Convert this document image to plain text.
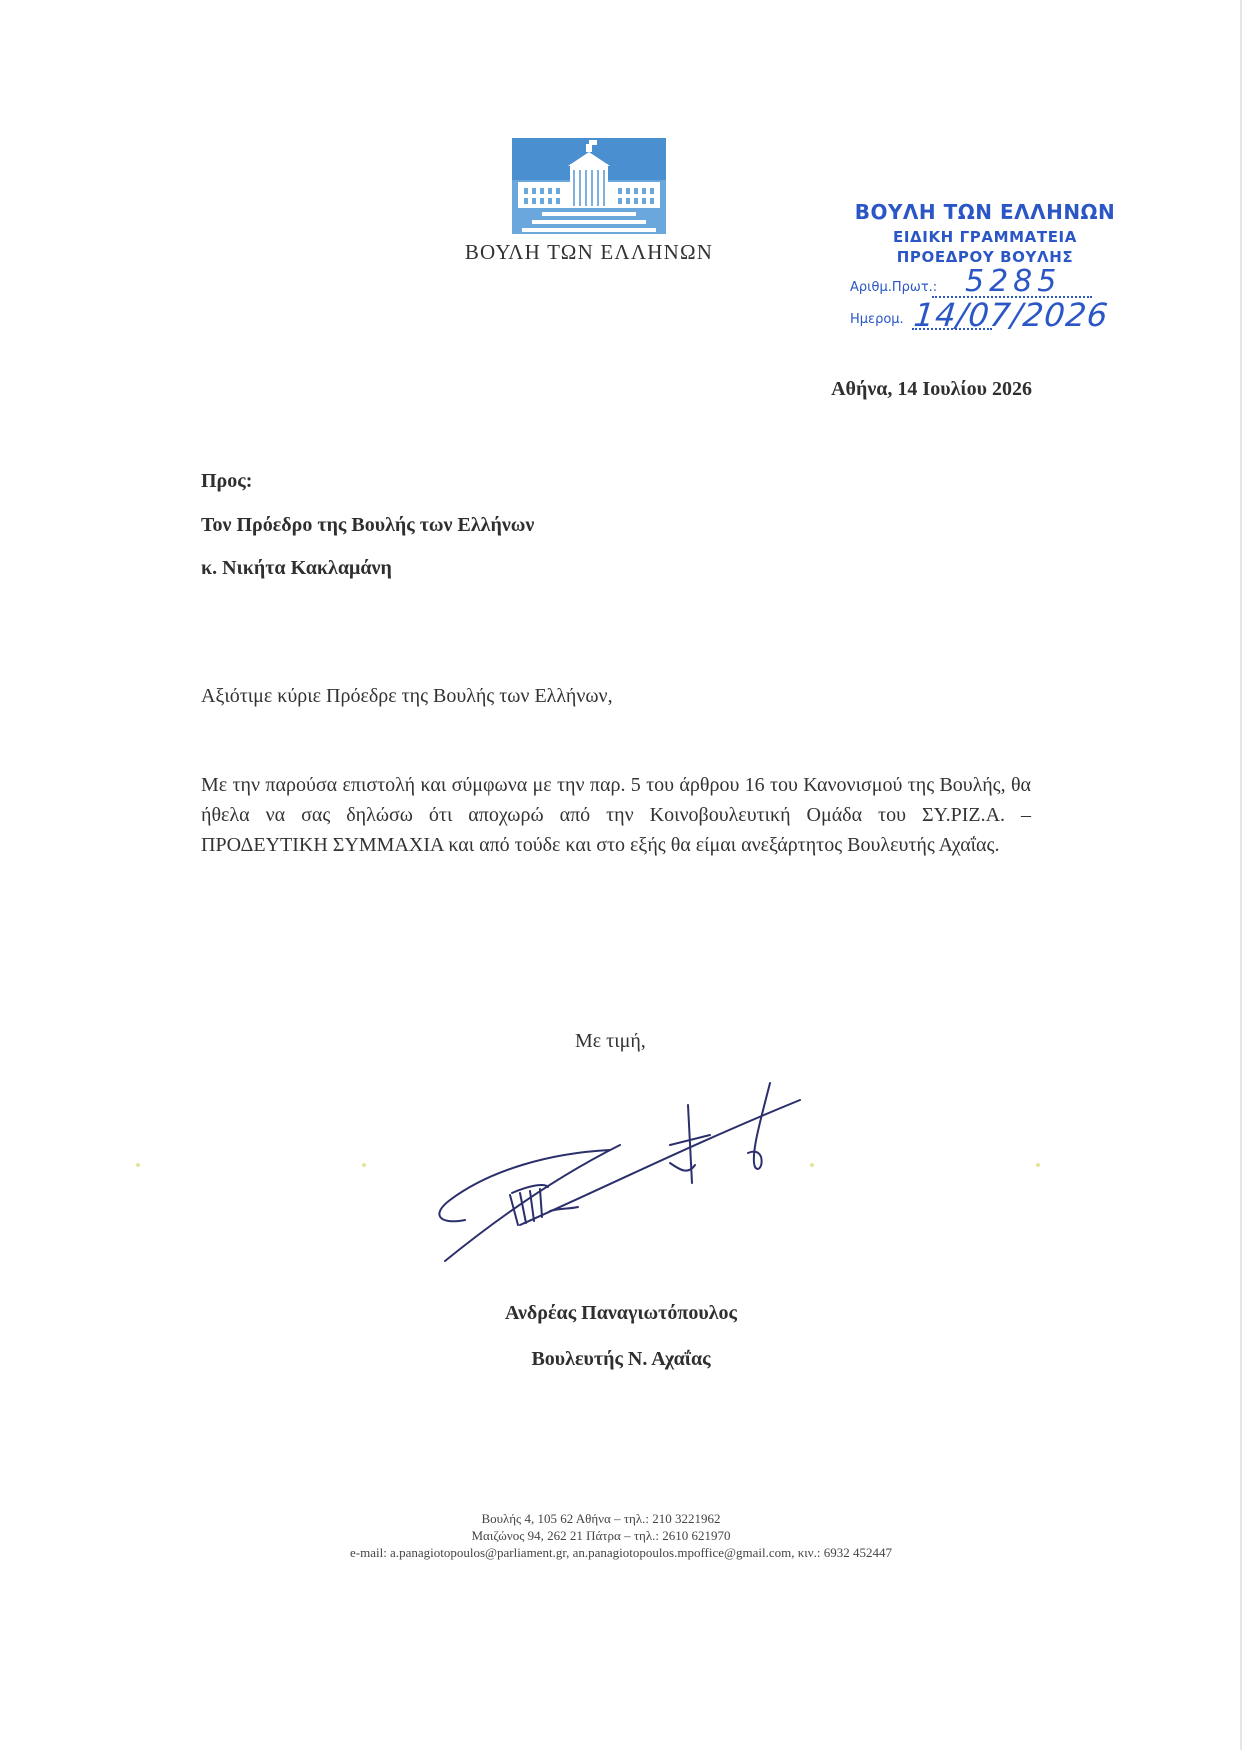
ΒΟΥΛΗ ΤΩΝ ΕΛΛΗΝΩΝ
ΒΟΥΛΗ ΤΩΝ ΕΛΛΗΝΩΝ
ΕΙΔΙΚΗ ΓΡΑΜΜΑΤΕΙΑ
ΠΡΟΕΔΡΟΥ ΒΟΥΛΗΣ
Αριθμ.Πρωτ.: 5285
Ημερομ. 14/07/2026
Αθήνα, 14 Ιουλίου 2026
Προς:
Τον Πρόεδρο της Βουλής των Ελλήνων
κ. Νικήτα Κακλαμάνη
Αξιότιμε κύριε Πρόεδρε της Βουλής των Ελλήνων,
Με την παρούσα επιστολή και σύμφωνα με την παρ. 5 του άρθρου 16 του Κανονισμού της Βουλής, θα ήθελα να σας δηλώσω ότι αποχωρώ από την Κοινοβουλευτική Ομάδα του ΣΥ.ΡΙΖ.Α. – ΠΡΟΔΕΥΤΙΚΗ ΣΥΜΜΑΧΙΑ και από τούδε και στο εξής θα είμαι ανεξάρτητος Βουλευτής Αχαΐας.
Με τιμή,
Ανδρέας Παναγιωτόπουλος
Βουλευτής Ν. Αχαΐας
Βουλής 4, 105 62 Αθήνα – τηλ.: 210 3221962
Μαιζώνος 94, 262 21 Πάτρα – τηλ.: 2610 621970
e-mail: a.panagiotopoulos@parliament.gr, an.panagiotopoulos.mpoffice@gmail.com, κιν.: 6932 452447
